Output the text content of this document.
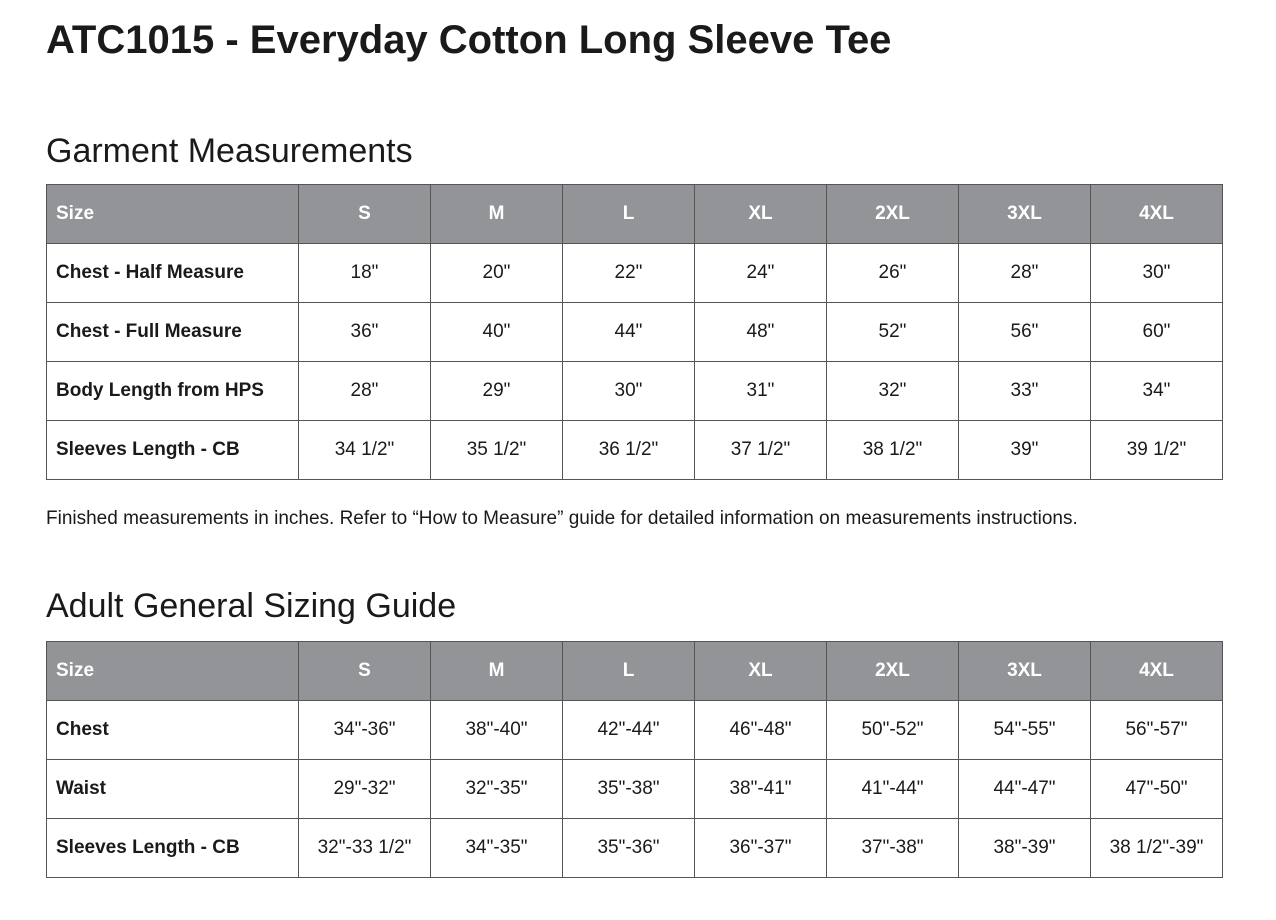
ATC1015 - Everyday Cotton Long Sleeve Tee
Garment Measurements
Size	S	M	L	XL	2XL	3XL	4XL
Chest - Half Measure	18"	20"	22"	24"	26"	28"	30"
Chest - Full Measure	36"	40"	44"	48"	52"	56"	60"
Body Length from HPS	28"	29"	30"	31"	32"	33"	34"
Sleeves Length - CB	34 1/2"	35 1/2"	36 1/2"	37 1/2"	38 1/2"	39"	39 1/2"

Finished measurements in inches. Refer to “How to Measure” guide for detailed information on measurements instructions.

Adult General Sizing Guide
Size	S	M	L	XL	2XL	3XL	4XL
Chest	34"-36"	38"-40"	42"-44"	46"-48"	50"-52"	54"-55"	56"-57"
Waist	29"-32"	32"-35"	35"-38"	38"-41"	41"-44"	44"-47"	47"-50"
Sleeves Length - CB	32"-33 1/2"	34"-35"	35"-36"	36"-37"	37"-38"	38"-39"	38 1/2"-39"
